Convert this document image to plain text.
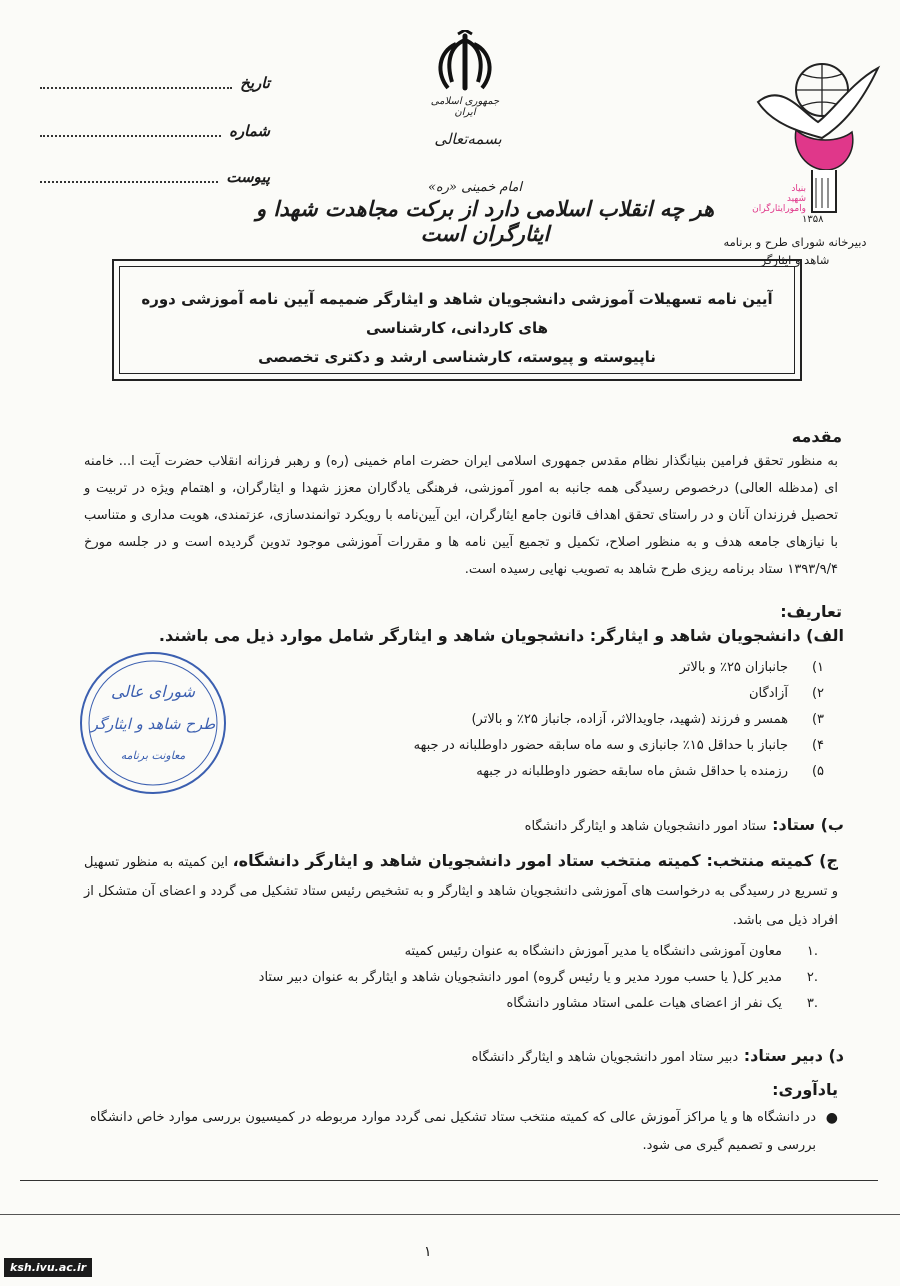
تاریخ
شماره
پیوست
جمهوری اسلامی ایران
بسمه‌تعالی
امام خمینی «ره»
هر چه انقلاب اسلامی دارد از برکت مجاهدت شهدا و ایثارگران است
بنیاد
شهید
وامورایثارگران
۱۳۵۸
دبیرخانه شورای طرح و برنامه
شاهد و ایثارگر
آیین نامه تسهیلات آموزشی دانشجویان شاهد و ایثارگر ضمیمه آیین نامه آموزشی دوره های کاردانی، کارشناسی
ناپیوسته و پیوسته، کارشناسی ارشد و دکتری تخصصی
مقدمه
به منظور تحقق فرامین بنیانگذار نظام مقدس جمهوری اسلامی ایران حضرت امام خمینی (ره) و رهبر فرزانه انقلاب حضرت آیت ا... خامنه ای (مدظله العالی) درخصوص رسیدگی همه جانبه به امور آموزشی، فرهنگی یادگاران معزز شهدا و ایثارگران، و اهتمام ویژه در تربیت و تحصیل فرزندان آنان و در راستای تحقق اهداف قانون جامع ایثارگران، این آیین‌نامه با رویکرد توانمندسازی، عزتمندی، هویت مداری و متناسب با نیازهای جامعه هدف و به منظور اصلاح، تکمیل و تجمیع آیین نامه ها و مقررات آموزشی موجود تدوین گردیده است و در جلسه مورخ ۱۳۹۳/۹/۴ ستاد برنامه ریزی طرح شاهد به تصویب نهایی رسیده است.
تعاریف:
الف) دانشجویان شاهد و ایثارگر: دانشجویان شاهد و ایثارگر شامل موارد ذیل می باشند.
۱)
جانبازان ۲۵٪ و بالاتر
۲)
آزادگان
۳)
همسر و فرزند (شهید، جاویدالاثر، آزاده، جانباز ۲۵٪ و بالاتر)
۴)
جانباز با حداقل ۱۵٪ جانبازی و سه ماه سابقه حضور داوطلبانه در جبهه
۵)
رزمنده با حداقل شش ماه سابقه حضور داوطلبانه در جبهه
شورای عالی
طرح شاهد و ایثارگر
معاونت برنامه
ب) ستاد: ستاد امور دانشجویان شاهد و ایثارگر دانشگاه
ج) کمیته منتخب: کمیته منتخب ستاد امور دانشجویان شاهد و ایثارگر دانشگاه، این کمیته به منظور تسهیل و تسریع در رسیدگی به درخواست های آموزشی دانشجویان شاهد و ایثارگر و به تشخیص رئیس ستاد تشکیل می گردد و اعضای آن متشکل از افراد ذیل می باشد.
.۱
معاون آموزشی دانشگاه یا مدیر آموزش دانشگاه به عنوان رئیس کمیته
.۲
مدیر کل( یا حسب مورد مدیر و یا رئیس گروه) امور دانشجویان شاهد و ایثارگر به عنوان دبیر ستاد
.۳
یک نفر از اعضای هیات علمی استاد مشاور دانشگاه
د) دبیر ستاد: دبیر ستاد امور دانشجویان شاهد و ایثارگر دانشگاه
یادآوری:
در دانشگاه ها و یا مراکز آموزش عالی که کمیته منتخب ستاد تشکیل نمی گردد موارد مربوطه در کمیسیون بررسی موارد خاص دانشگاه بررسی و تصمیم گیری می شود.
●
۱
ksh.ivu.ac.ir
